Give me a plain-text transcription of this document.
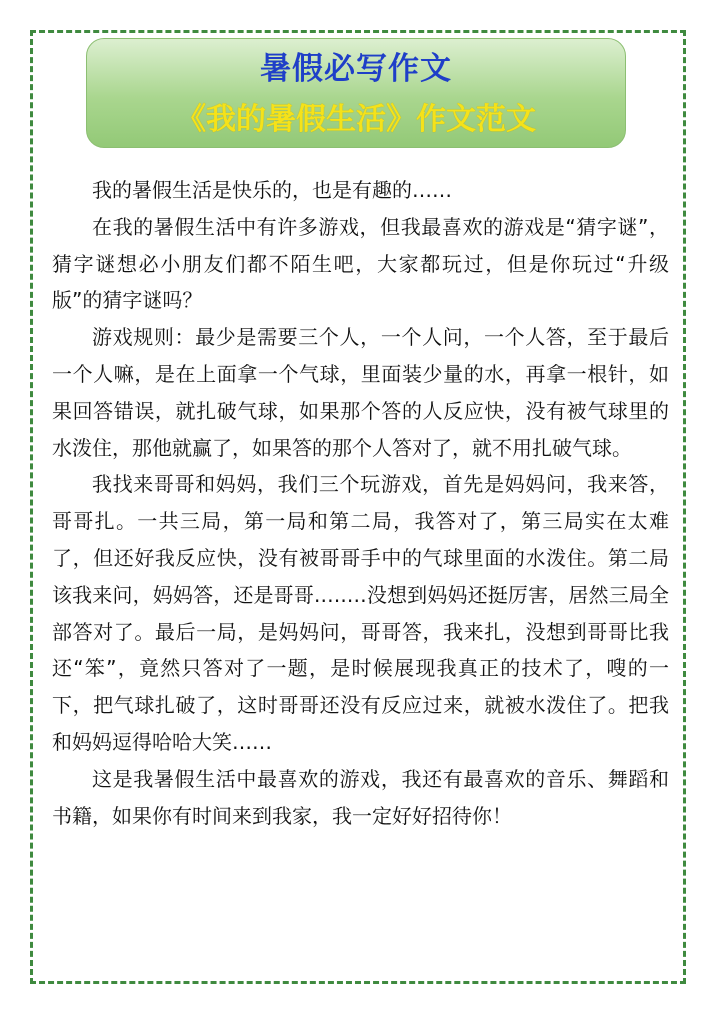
暑假必写作文
《我的暑假生活》作文范文

我的暑假生活是快乐的，也是有趣的……

在我的暑假生活中有许多游戏，但我最喜欢的游戏是“猜字谜”，猜字谜想必小朋友们都不陌生吧，大家都玩过，但是你玩过“升级版”的猜字谜吗？

游戏规则：最少是需要三个人，一个人问，一个人答，至于最后一个人嘛，是在上面拿一个气球，里面装少量的水，再拿一根针，如果回答错误，就扎破气球，如果那个答的人反应快，没有被气球里的水泼住，那他就赢了，如果答的那个人答对了，就不用扎破气球。

我找来哥哥和妈妈，我们三个玩游戏，首先是妈妈问，我来答，哥哥扎。一共三局，第一局和第二局，我答对了，第三局实在太难了，但还好我反应快，没有被哥哥手中的气球里面的水泼住。第二局该我来问，妈妈答，还是哥哥.….…没想到妈妈还挺厉害，居然三局全部答对了。最后一局，是妈妈问，哥哥答，我来扎，没想到哥哥比我还“笨”，竟然只答对了一题，是时候展现我真正的技术了，嗖的一下，把气球扎破了，这时哥哥还没有反应过来，就被水泼住了。把我和妈妈逗得哈哈大笑……

这是我暑假生活中最喜欢的游戏，我还有最喜欢的音乐、舞蹈和书籍，如果你有时间来到我家，我一定好好招待你！
